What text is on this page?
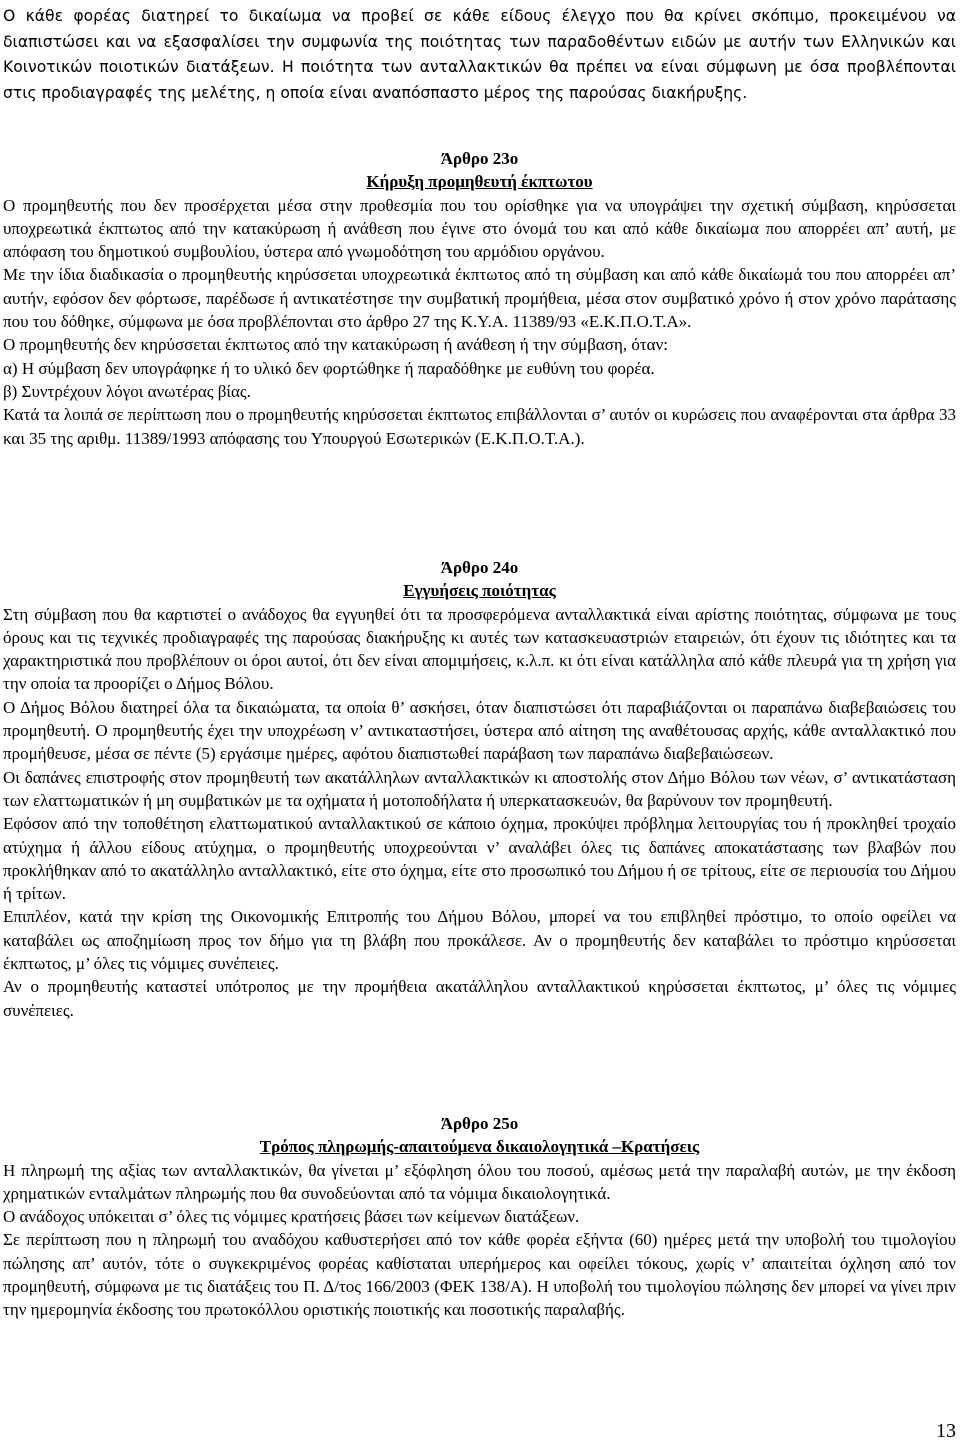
Ο κάθε φορέας διατηρεί το δικαίωμα να προβεί σε κάθε είδους έλεγχο που θα κρίνει σκόπιμο, προκειμένου να διαπιστώσει και να εξασφαλίσει την συμφωνία της ποιότητας των παραδοθέντων ειδών με αυτήν των Ελληνικών και Κοινοτικών ποιοτικών διατάξεων. Η ποιότητα των ανταλλακτικών θα πρέπει να είναι σύμφωνη με όσα προβλέπονται στις προδιαγραφές της μελέτης, η οποία είναι αναπόσπαστο μέρος της παρούσας διακήρυξης.

Άρθρο 23ο

Κήρυξη προμηθευτή έκπτωτου

Ο προμηθευτής που δεν προσέρχεται μέσα στην προθεσμία που του ορίσθηκε για να υπογράψει την σχετική σύμβαση, κηρύσσεται υποχρεωτικά έκπτωτος από την κατακύρωση ή ανάθεση που έγινε στο όνομά του και από κάθε δικαίωμα που απορρέει απ’ αυτή, με απόφαση του δημοτικού συμβουλίου, ύστερα από γνωμοδότηση του αρμόδιου οργάνου.

Με την ίδια διαδικασία ο προμηθευτής κηρύσσεται υποχρεωτικά έκπτωτος από τη σύμβαση και από κάθε δικαίωμά του που απορρέει απ’ αυτήν, εφόσον δεν φόρτωσε, παρέδωσε ή αντικατέστησε την συμβατική προμήθεια, μέσα στον συμβατικό χρόνο ή στον χρόνο παράτασης που του δόθηκε, σύμφωνα με όσα προβλέπονται στο άρθρο 27 της Κ.Υ.Α. 11389/93 «Ε.Κ.Π.Ο.Τ.Α».

Ο προμηθευτής δεν κηρύσσεται έκπτωτος από την κατακύρωση ή ανάθεση ή την σύμβαση, όταν:

α) Η σύμβαση δεν υπογράφηκε ή το υλικό δεν φορτώθηκε ή παραδόθηκε με ευθύνη του φορέα.

β) Συντρέχουν λόγοι ανωτέρας βίας.

Κατά τα λοιπά σε περίπτωση που ο προμηθευτής κηρύσσεται έκπτωτος επιβάλλονται σ’ αυτόν οι κυρώσεις που αναφέρονται στα άρθρα 33 και 35 της αριθμ. 11389/1993 απόφασης του Υπουργού Εσωτερικών (Ε.Κ.Π.Ο.Τ.Α.).

Άρθρο 24ο

Εγγυήσεις ποιότητας

Στη σύμβαση που θα καρτιστεί ο ανάδοχος θα εγγυηθεί ότι τα προσφερόμενα ανταλλακτικά είναι αρίστης ποιότητας, σύμφωνα με τους όρους και τις τεχνικές προδιαγραφές της παρούσας διακήρυξης κι αυτές των κατασκευαστριών εταιρειών, ότι έχουν τις ιδιότητες και τα χαρακτηριστικά που προβλέπουν οι όροι αυτοί, ότι δεν είναι απομιμήσεις, κ.λ.π. κι ότι είναι κατάλληλα από κάθε πλευρά για τη χρήση για την οποία τα προορίζει ο Δήμος Βόλου.

Ο Δήμος Βόλου διατηρεί όλα τα δικαιώματα, τα οποία θ’ ασκήσει, όταν διαπιστώσει ότι παραβιάζονται οι παραπάνω διαβεβαιώσεις του προμηθευτή. Ο προμηθευτής έχει την υποχρέωση ν’ αντικαταστήσει, ύστερα από αίτηση της αναθέτουσας αρχής, κάθε ανταλλακτικό που προμήθευσε, μέσα σε πέντε (5) εργάσιμε ημέρες, αφότου διαπιστωθεί παράβαση των παραπάνω διαβεβαιώσεων.

Οι δαπάνες επιστροφής στον προμηθευτή των ακατάλληλων ανταλλακτικών κι αποστολής στον Δήμο Βόλου των νέων, σ’ αντικατάσταση των ελαττωματικών ή μη συμβατικών με τα οχήματα ή μοτοποδήλατα ή υπερκατασκευών, θα βαρύνουν τον προμηθευτή.

Εφόσον από την τοποθέτηση ελαττωματικού ανταλλακτικού σε κάποιο όχημα, προκύψει πρόβλημα λειτουργίας του ή προκληθεί τροχαίο ατύχημα ή άλλου είδους ατύχημα, ο προμηθευτής υποχρεούνται ν’ αναλάβει όλες τις δαπάνες αποκατάστασης των βλαβών που προκλήθηκαν από το ακατάλληλο ανταλλακτικό, είτε στο όχημα, είτε στο προσωπικό του Δήμου ή σε τρίτους, είτε σε περιουσία του Δήμου ή τρίτων.

Επιπλέον, κατά την κρίση της Οικονομικής Επιτροπής του Δήμου Βόλου, μπορεί να του επιβληθεί πρόστιμο, το οποίο οφείλει να καταβάλει ως αποζημίωση προς τον δήμο για τη βλάβη που προκάλεσε. Αν ο προμηθευτής δεν καταβάλει το πρόστιμο κηρύσσεται έκπτωτος, μ’ όλες τις νόμιμες συνέπειες.

Αν ο προμηθευτής καταστεί υπότροπος με την προμήθεια ακατάλληλου ανταλλακτικού κηρύσσεται έκπτωτος, μ’ όλες τις νόμιμες συνέπειες.

Άρθρο 25ο

Τρόπος πληρωμής-απαιτούμενα δικαιολογητικά –Κρατήσεις

Η πληρωμή της αξίας των ανταλλακτικών, θα γίνεται μ’ εξόφληση όλου του ποσού, αμέσως μετά την παραλαβή αυτών, με την έκδοση χρηματικών ενταλμάτων πληρωμής που θα συνοδεύονται από τα νόμιμα δικαιολογητικά.

Ο ανάδοχος υπόκειται σ’ όλες τις νόμιμες κρατήσεις βάσει των κείμενων διατάξεων.

Σε περίπτωση που η πληρωμή του αναδόχου καθυστερήσει από τον κάθε φορέα εξήντα (60) ημέρες μετά την υποβολή του τιμολογίου πώλησης απ’ αυτόν, τότε ο συγκεκριμένος φορέας καθίσταται υπερήμερος και οφείλει τόκους, χωρίς ν’ απαιτείται όχληση από τον προμηθευτή, σύμφωνα με τις διατάξεις του Π. Δ/τος 166/2003 (ΦΕΚ 138/Α). Η υποβολή του τιμολογίου πώλησης δεν μπορεί να γίνει πριν την ημερομηνία έκδοσης του πρωτοκόλλου οριστικής ποιοτικής και ποσοτικής παραλαβής.

13
